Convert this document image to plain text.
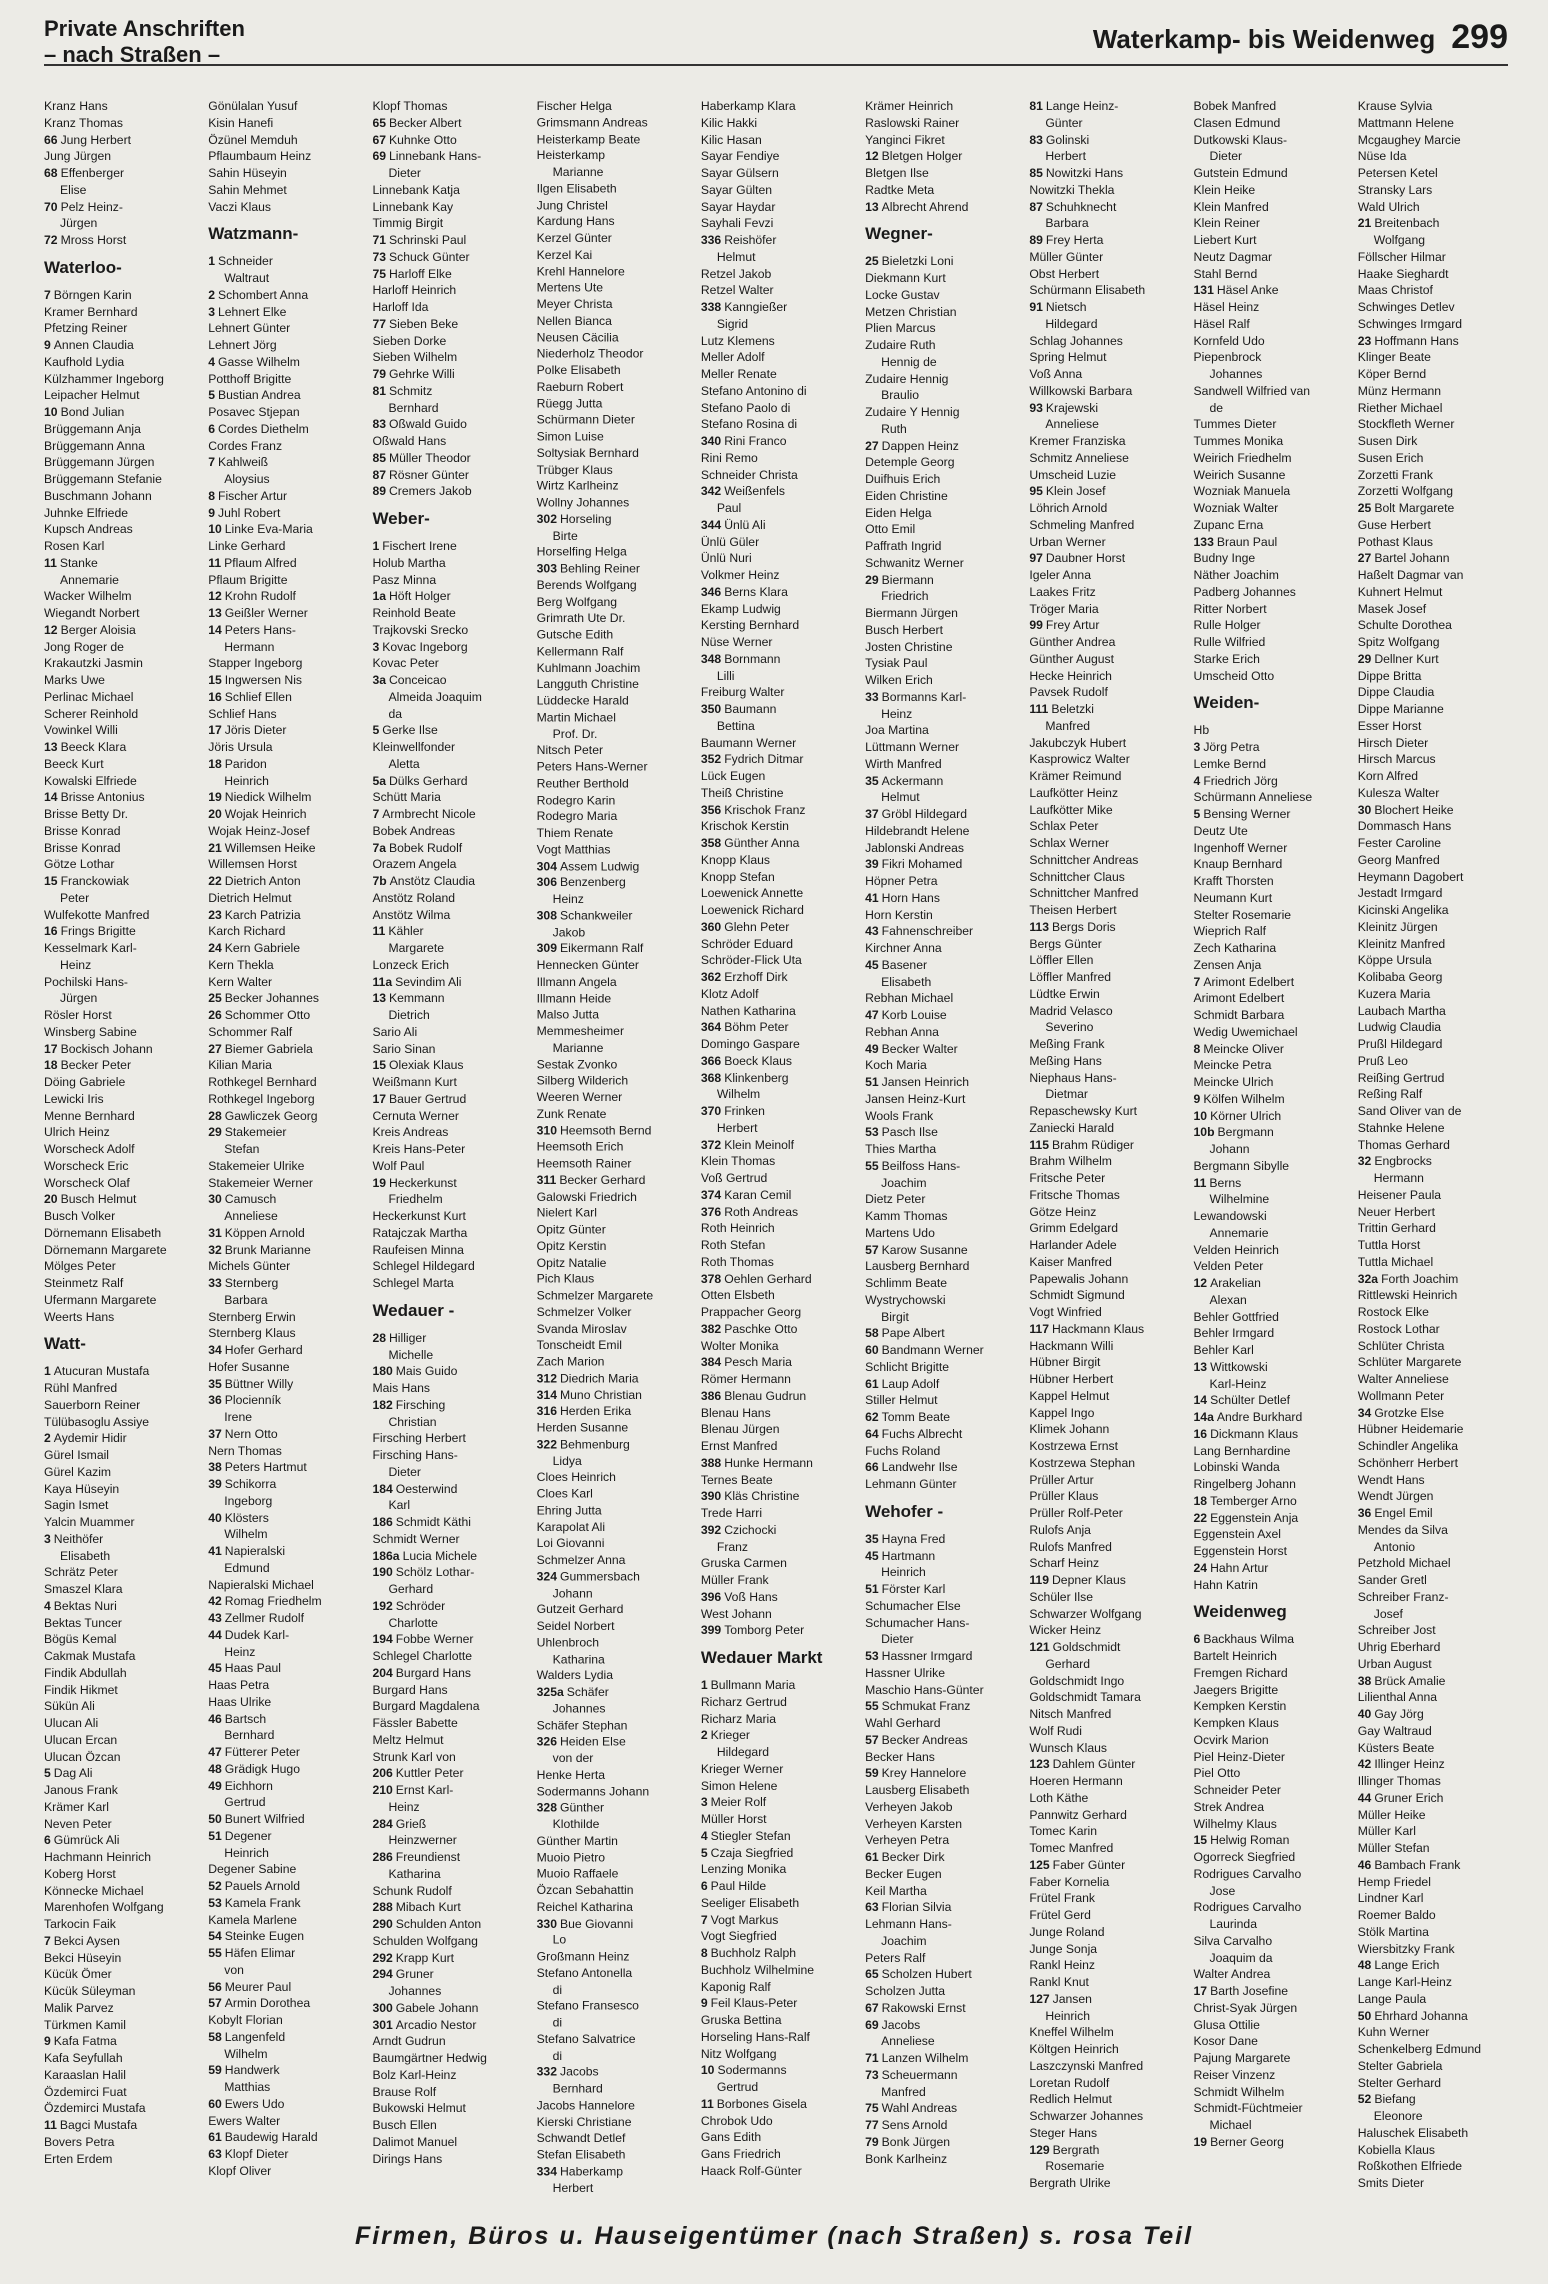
Private Anschriften
– nach Straßen –
Waterkamp- bis Weidenweg 299
Kranz Hans
Kranz Thomas
66 Jung Herbert
Jung Jürgen
68 Effenberger
Elise
70 Pelz Heinz-
Jürgen
72 Mross Horst
Waterloo-
7 Börngen Karin
Kramer Bernhard
Pfetzing Reiner
9 Annen Claudia
Kaufhold Lydia
Külzhammer Ingeborg
Leipacher Helmut
10 Bond Julian
Brüggemann Anja
Brüggemann Anna
Brüggemann Jürgen
Brüggemann Stefanie
Buschmann Johann
Juhnke Elfriede
Kupsch Andreas
Rosen Karl
11 Stanke
Annemarie
Wacker Wilhelm
Wiegandt Norbert
12 Berger Aloisia
Jong Roger de
Krakautzki Jasmin
Marks Uwe
Perlinac Michael
Scherer Reinhold
Vowinkel Willi
13 Beeck Klara
Beeck Kurt
Kowalski Elfriede
14 Brisse Antonius
Brisse Betty Dr.
Brisse Konrad
Brisse Konrad
Götze Lothar
15 Franckowiak
Peter
Wulfekotte Manfred
16 Frings Brigitte
Kesselmark Karl-
Heinz
Pochilski Hans-
Jürgen
Rösler Horst
Winsberg Sabine
17 Bockisch Johann
18 Becker Peter
Döing Gabriele
Lewicki Iris
Menne Bernhard
Ulrich Heinz
Worscheck Adolf
Worscheck Eric
Worscheck Olaf
20 Busch Helmut
Busch Volker
Dörnemann Elisabeth
Dörnemann Margarete
Mölges Peter
Steinmetz Ralf
Ufermann Margarete
Weerts Hans
Watt-
1 Atucuran Mustafa
Rühl Manfred
Sauerborn Reiner
Tülübasoglu Assiye
2 Aydemir Hidir
Gürel Ismail
Gürel Kazim
Kaya Hüseyin
Sagin Ismet
Yalcin Muammer
3 Neithöfer
Elisabeth
Schrätz Peter
Smaszel Klara
4 Bektas Nuri
Bektas Tuncer
Bögüs Kemal
Cakmak Mustafa
Findik Abdullah
Findik Hikmet
Sükün Ali
Ulucan Ali
Ulucan Ercan
Ulucan Özcan
5 Dag Ali
Janous Frank
Krämer Karl
Neven Peter
6 Gümrück Ali
Hachmann Heinrich
Koberg Horst
Könnecke Michael
Marenhofen Wolfgang
Tarkocin Faik
7 Bekci Aysen
Bekci Hüseyin
Kücük Ömer
Kücük Süleyman
Malik Parvez
Türkmen Kamil
9 Kafa Fatma
Kafa Seyfullah
Karaaslan Halil
Özdemirci Fuat
Özdemirci Mustafa
11 Bagci Mustafa
Bovers Petra
Erten Erdem
Gönülalan Yusuf
Kisin Hanefi
Özünel Memduh
Pflaumbaum Heinz
Sahin Hüseyin
Sahin Mehmet
Vaczi Klaus
Watzmann-
1 Schneider
Waltraut
2 Schombert Anna
3 Lehnert Elke
Lehnert Günter
Lehnert Jörg
4 Gasse Wilhelm
Potthoff Brigitte
5 Bustian Andrea
Posavec Stjepan
6 Cordes Diethelm
Cordes Franz
7 Kahlweiß
Aloysius
8 Fischer Artur
9 Juhl Robert
10 Linke Eva-Maria
Linke Gerhard
11 Pflaum Alfred
Pflaum Brigitte
12 Krohn Rudolf
13 Geißler Werner
14 Peters Hans-
Hermann
Stapper Ingeborg
15 Ingwersen Nis
16 Schlief Ellen
Schlief Hans
17 Jöris Dieter
Jöris Ursula
18 Paridon
Heinrich
19 Niedick Wilhelm
20 Wojak Heinrich
Wojak Heinz-Josef
21 Willemsen Heike
Willemsen Horst
22 Dietrich Anton
Dietrich Helmut
23 Karch Patrizia
Karch Richard
24 Kern Gabriele
Kern Thekla
Kern Walter
25 Becker Johannes
26 Schommer Otto
Schommer Ralf
27 Biemer Gabriela
Kilian Maria
Rothkegel Bernhard
Rothkegel Ingeborg
28 Gawliczek Georg
29 Stakemeier
Stefan
Stakemeier Ulrike
Stakemeier Werner
30 Camusch
Anneliese
31 Köppen Arnold
32 Brunk Marianne
Michels Günter
33 Sternberg
Barbara
Sternberg Erwin
Sternberg Klaus
34 Hofer Gerhard
Hofer Susanne
35 Büttner Willy
36 Plocienník
Irene
37 Nern Otto
Nern Thomas
38 Peters Hartmut
39 Schikorra
Ingeborg
40 Klösters
Wilhelm
41 Napieralski
Edmund
Napieralski Michael
42 Romag Friedhelm
43 Zellmer Rudolf
44 Dudek Karl-
Heinz
45 Haas Paul
Haas Petra
Haas Ulrike
46 Bartsch
Bernhard
47 Fütterer Peter
48 Grädigk Hugo
49 Eichhorn
Gertrud
50 Bunert Wilfried
51 Degener
Heinrich
Degener Sabine
52 Pauels Arnold
53 Kamela Frank
Kamela Marlene
54 Steinke Eugen
55 Häfen Elimar
von
56 Meurer Paul
57 Armin Dorothea
Kobylt Florian
58 Langenfeld
Wilhelm
59 Handwerk
Matthias
60 Ewers Udo
Ewers Walter
61 Baudewig Harald
63 Klopf Dieter
Klopf Oliver
Klopf Thomas
65 Becker Albert
67 Kuhnke Otto
69 Linnebank Hans-
Dieter
Linnebank Katja
Linnebank Kay
Timmig Birgit
71 Schrinski Paul
73 Schuck Günter
75 Harloff Elke
Harloff Heinrich
Harloff Ida
77 Sieben Beke
Sieben Dorke
Sieben Wilhelm
79 Gehrke Willi
81 Schmitz
Bernhard
83 Oßwald Guido
Oßwald Hans
85 Müller Theodor
87 Rösner Günter
89 Cremers Jakob
Weber-
1 Fischert Irene
Holub Martha
Pasz Minna
1a Höft Holger
Reinhold Beate
Trajkovski Srecko
3 Kovac Ingeborg
Kovac Peter
3a Conceicao
Almeida Joaquim
da
5 Gerke Ilse
Kleinwellfonder
Aletta
5a Dülks Gerhard
Schütt Maria
7 Armbrecht Nicole
Bobek Andreas
7a Bobek Rudolf
Orazem Angela
7b Anstötz Claudia
Anstötz Roland
Anstötz Wilma
11 Kähler
Margarete
Lonzeck Erich
11a Sevindim Ali
13 Kemmann
Dietrich
Sario Ali
Sario Sinan
15 Olexiak Klaus
Weißmann Kurt
17 Bauer Gertrud
Cernuta Werner
Kreis Andreas
Kreis Hans-Peter
Wolf Paul
19 Heckerkunst
Friedhelm
Heckerkunst Kurt
Ratajczak Martha
Raufeisen Minna
Schlegel Hildegard
Schlegel Marta
Wedauer -
28 Hilliger
Michelle
180 Mais Guido
Mais Hans
182 Firsching
Christian
Firsching Herbert
Firsching Hans-
Dieter
184 Oesterwind
Karl
186 Schmidt Käthi
Schmidt Werner
186a Lucia Michele
190 Schölz Lothar-
Gerhard
192 Schröder
Charlotte
194 Fobbe Werner
Schlegel Charlotte
204 Burgard Hans
Burgard Hans
Burgard Magdalena
Fässler Babette
Meltz Helmut
Strunk Karl von
206 Kuttler Peter
210 Ernst Karl-
Heinz
284 Grieß
Heinzwerner
286 Freundienst
Katharina
Schunk Rudolf
288 Mibach Kurt
290 Schulden Anton
Schulden Wolfgang
292 Krapp Kurt
294 Gruner
Johannes
300 Gabele Johann
301 Arcadio Nestor
Arndt Gudrun
Baumgärtner Hedwig
Bolz Karl-Heinz
Brause Rolf
Bukowski Helmut
Busch Ellen
Dalimot Manuel
Dirings Hans
Fischer Helga
Grimsmann Andreas
Heisterkamp Beate
Heisterkamp
Marianne
Ilgen Elisabeth
Jung Christel
Kardung Hans
Kerzel Günter
Kerzel Kai
Krehl Hannelore
Mertens Ute
Meyer Christa
Nellen Bianca
Neusen Cäcilia
Niederholz Theodor
Polke Elisabeth
Raeburn Robert
Rüegg Jutta
Schürmann Dieter
Simon Luise
Soltysiak Bernhard
Trübger Klaus
Wirtz Karlheinz
Wollny Johannes
302 Horseling
Birte
Horselfing Helga
303 Behling Reiner
Berends Wolfgang
Berg Wolfgang
Grimrath Ute Dr.
Gutsche Edith
Kellermann Ralf
Kuhlmann Joachim
Langguth Christine
Lüddecke Harald
Martin Michael
Prof. Dr.
Nitsch Peter
Peters Hans-Werner
Reuther Berthold
Rodegro Karin
Rodegro Maria
Thiem Renate
Vogt Matthias
304 Assem Ludwig
306 Benzenberg
Heinz
308 Schankweiler
Jakob
309 Eikermann Ralf
Hennecken Günter
Illmann Angela
Illmann Heide
Malso Jutta
Memmesheimer
Marianne
Sestak Zvonko
Silberg Wilderich
Weeren Werner
Zunk Renate
310 Heemsoth Bernd
Heemsoth Erich
Heemsoth Rainer
311 Becker Gerhard
Galowski Friedrich
Nielert Karl
Opitz Günter
Opitz Kerstin
Opitz Natalie
Pich Klaus
Schmelzer Margarete
Schmelzer Volker
Svanda Miroslav
Tonscheidt Emil
Zach Marion
312 Diedrich Maria
314 Muno Christian
316 Herden Erika
Herden Susanne
322 Behmenburg
Lidya
Cloes Heinrich
Cloes Karl
Ehring Jutta
Karapolat Ali
Loi Giovanni
Schmelzer Anna
324 Gummersbach
Johann
Gutzeit Gerhard
Seidel Norbert
Uhlenbroch
Katharina
Walders Lydia
325a Schäfer
Johannes
Schäfer Stephan
326 Heiden Else
von der
Henke Herta
Sodermanns Johann
328 Günther
Klothilde
Günther Martin
Muoio Pietro
Muoio Raffaele
Özcan Sebahattin
Reichel Katharina
330 Bue Giovanni
Lo
Großmann Heinz
Stefano Antonella
di
Stefano Fransesco
di
Stefano Salvatrice
di
332 Jacobs
Bernhard
Jacobs Hannelore
Kierski Christiane
Schwandt Detlef
Stefan Elisabeth
334 Haberkamp
Herbert
Haberkamp Klara
Kilic Hakki
Kilic Hasan
Sayar Fendiye
Sayar Gülsern
Sayar Gülten
Sayar Haydar
Sayhali Fevzi
336 Reishöfer
Helmut
Retzel Jakob
Retzel Walter
338 Kanngießer
Sigrid
Lutz Klemens
Meller Adolf
Meller Renate
Stefano Antonino di
Stefano Paolo di
Stefano Rosina di
340 Rini Franco
Rini Remo
Schneider Christa
342 Weißenfels
Paul
344 Ünlü Ali
Ünlü Güler
Ünlü Nuri
Volkmer Heinz
346 Berns Klara
Ekamp Ludwig
Kersting Bernhard
Nüse Werner
348 Bornmann
Lilli
Freiburg Walter
350 Baumann
Bettina
Baumann Werner
352 Fydrich Ditmar
Lück Eugen
Theiß Christine
356 Krischok Franz
Krischok Kerstin
358 Günther Anna
Knopp Klaus
Knopp Stefan
Loewenick Annette
Loewenick Richard
360 Glehn Peter
Schröder Eduard
Schröder-Flick Uta
362 Erzhoff Dirk
Klotz Adolf
Nathen Katharina
364 Böhm Peter
Domingo Gaspare
366 Boeck Klaus
368 Klinkenberg
Wilhelm
370 Frinken
Herbert
372 Klein Meinolf
Klein Thomas
Voß Gertrud
374 Karan Cemil
376 Roth Andreas
Roth Heinrich
Roth Stefan
Roth Thomas
378 Oehlen Gerhard
Otten Elsbeth
Prappacher Georg
382 Paschke Otto
Wolter Monika
384 Pesch Maria
Römer Hermann
386 Blenau Gudrun
Blenau Hans
Blenau Jürgen
Ernst Manfred
388 Hunke Hermann
Ternes Beate
390 Kläs Christine
Trede Harri
392 Czichocki
Franz
Gruska Carmen
Müller Frank
396 Voß Hans
West Johann
399 Tomborg Peter
Wedauer Markt
1 Bullmann Maria
Richarz Gertrud
Richarz Maria
2 Krieger
Hildegard
Krieger Werner
Simon Helene
3 Meier Rolf
Müller Horst
4 Stiegler Stefan
5 Czaja Siegfried
Lenzing Monika
6 Paul Hilde
Seeliger Elisabeth
7 Vogt Markus
Vogt Siegfried
8 Buchholz Ralph
Buchholz Wilhelmine
Kaponig Ralf
9 Feil Klaus-Peter
Gruska Bettina
Horseling Hans-Ralf
Nitz Wolfgang
10 Sodermanns
Gertrud
11 Borbones Gisela
Chrobok Udo
Gans Edith
Gans Friedrich
Haack Rolf-Günter
Krämer Heinrich
Raslowski Rainer
Yanginci Fikret
12 Bletgen Holger
Bletgen Ilse
Radtke Meta
13 Albrecht Ahrend
Wegner-
25 Bieletzki Loni
Diekmann Kurt
Locke Gustav
Metzen Christian
Plien Marcus
Zudaire Ruth
Hennig de
Zudaire Hennig
Braulio
Zudaire Y Hennig
Ruth
27 Dappen Heinz
Detemple Georg
Duifhuis Erich
Eiden Christine
Eiden Helga
Otto Emil
Paffrath Ingrid
Schwanitz Werner
29 Biermann
Friedrich
Biermann Jürgen
Busch Herbert
Josten Christine
Tysiak Paul
Wilken Erich
33 Bormanns Karl-
Heinz
Joa Martina
Lüttmann Werner
Wirth Manfred
35 Ackermann
Helmut
37 Gröbl Hildegard
Hildebrandt Helene
Jablonski Andreas
39 Fikri Mohamed
Höpner Petra
41 Horn Hans
Horn Kerstin
43 Fahnenschreiber
Kirchner Anna
45 Basener
Elisabeth
Rebhan Michael
47 Korb Louise
Rebhan Anna
49 Becker Walter
Koch Maria
51 Jansen Heinrich
Jansen Heinz-Kurt
Wools Frank
53 Pasch Ilse
Thies Martha
55 Beilfoss Hans-
Joachim
Dietz Peter
Kamm Thomas
Martens Udo
57 Karow Susanne
Lausberg Bernhard
Schlimm Beate
Wystrychowski
Birgit
58 Pape Albert
60 Bandmann Werner
Schlicht Brigitte
61 Laup Adolf
Stiller Helmut
62 Tomm Beate
64 Fuchs Albrecht
Fuchs Roland
66 Landwehr Ilse
Lehmann Günter
Wehofer -
35 Hayna Fred
45 Hartmann
Heinrich
51 Förster Karl
Schumacher Else
Schumacher Hans-
Dieter
53 Hassner Irmgard
Hassner Ulrike
Maschio Hans-Günter
55 Schmukat Franz
Wahl Gerhard
57 Becker Andreas
Becker Hans
59 Krey Hannelore
Lausberg Elisabeth
Verheyen Jakob
Verheyen Karsten
Verheyen Petra
61 Becker Dirk
Becker Eugen
Keil Martha
63 Florian Silvia
Lehmann Hans-
Joachim
Peters Ralf
65 Scholzen Hubert
Scholzen Jutta
67 Rakowski Ernst
69 Jacobs
Anneliese
71 Lanzen Wilhelm
73 Scheuermann
Manfred
75 Wahl Andreas
77 Sens Arnold
79 Bonk Jürgen
Bonk Karlheinz
81 Lange Heinz-
Günter
83 Golinski
Herbert
85 Nowitzki Hans
Nowitzki Thekla
87 Schuhknecht
Barbara
89 Frey Herta
Müller Günter
Obst Herbert
Schürmann Elisabeth
91 Nietsch
Hildegard
Schlag Johannes
Spring Helmut
Voß Anna
Willkowski Barbara
93 Krajewski
Anneliese
Kremer Franziska
Schmitz Anneliese
Umscheid Luzie
95 Klein Josef
Löhrich Arnold
Schmeling Manfred
Urban Werner
97 Daubner Horst
Igeler Anna
Laakes Fritz
Tröger Maria
99 Frey Artur
Günther Andrea
Günther August
Hecke Heinrich
Pavsek Rudolf
111 Beletzki
Manfred
Jakubczyk Hubert
Kasprowicz Walter
Krämer Reimund
Laufkötter Heinz
Laufkötter Mike
Schlax Peter
Schlax Werner
Schnittcher Andreas
Schnittcher Claus
Schnittcher Manfred
Theisen Herbert
113 Bergs Doris
Bergs Günter
Löffler Ellen
Löffler Manfred
Lüdtke Erwin
Madrid Velasco
Severino
Meßing Frank
Meßing Hans
Niephaus Hans-
Dietmar
Repaschewsky Kurt
Zaniecki Harald
115 Brahm Rüdiger
Brahm Wilhelm
Fritsche Peter
Fritsche Thomas
Götze Heinz
Grimm Edelgard
Harlander Adele
Kaiser Manfred
Papewalis Johann
Schmidt Sigmund
Vogt Winfried
117 Hackmann Klaus
Hackmann Willi
Hübner Birgit
Hübner Herbert
Kappel Helmut
Kappel Ingo
Klimek Johann
Kostrzewa Ernst
Kostrzewa Stephan
Prüller Artur
Prüller Klaus
Prüller Rolf-Peter
Rulofs Anja
Rulofs Manfred
Scharf Heinz
119 Depner Klaus
Schüler Ilse
Schwarzer Wolfgang
Wicker Heinz
121 Goldschmidt
Gerhard
Goldschmidt Ingo
Goldschmidt Tamara
Nitsch Manfred
Wolf Rudi
Wunsch Klaus
123 Dahlem Günter
Hoeren Hermann
Loth Käthe
Pannwitz Gerhard
Tomec Karin
Tomec Manfred
125 Faber Günter
Faber Kornelia
Frütel Frank
Frütel Gerd
Junge Roland
Junge Sonja
Rankl Heinz
Rankl Knut
127 Jansen
Heinrich
Kneffel Wilhelm
Költgen Heinrich
Laszczynski Manfred
Loretan Rudolf
Redlich Helmut
Schwarzer Johannes
Steger Hans
129 Bergrath
Rosemarie
Bergrath Ulrike
Bobek Manfred
Clasen Edmund
Dutkowski Klaus-
Dieter
Gutstein Edmund
Klein Heike
Klein Manfred
Klein Reiner
Liebert Kurt
Neutz Dagmar
Stahl Bernd
131 Häsel Anke
Häsel Heinz
Häsel Ralf
Kornfeld Udo
Piepenbrock
Johannes
Sandwell Wilfried van
de
Tummes Dieter
Tummes Monika
Weirich Friedhelm
Weirich Susanne
Wozniak Manuela
Wozniak Walter
Zupanc Erna
133 Braun Paul
Budny Inge
Näther Joachim
Padberg Johannes
Ritter Norbert
Rulle Holger
Rulle Wilfried
Starke Erich
Umscheid Otto
Weiden-
Hb
3 Jörg Petra
Lemke Bernd
4 Friedrich Jörg
Schürmann Anneliese
5 Bensing Werner
Deutz Ute
Ingenhoff Werner
Knaup Bernhard
Krafft Thorsten
Neumann Kurt
Stelter Rosemarie
Wieprich Ralf
Zech Katharina
Zensen Anja
7 Arimont Edelbert
Arimont Edelbert
Schmidt Barbara
Wedig Uwemichael
8 Meincke Oliver
Meincke Petra
Meincke Ulrich
9 Kölfen Wilhelm
10 Körner Ulrich
10b Bergmann
Johann
Bergmann Sibylle
11 Berns
Wilhelmine
Lewandowski
Annemarie
Velden Heinrich
Velden Peter
12 Arakelian
Alexan
Behler Gottfried
Behler Irmgard
Behler Karl
13 Wittkowski
Karl-Heinz
14 Schülter Detlef
14a Andre Burkhard
16 Dickmann Klaus
Lang Bernhardine
Lobinski Wanda
Ringelberg Johann
18 Temberger Arno
22 Eggenstein Anja
Eggenstein Axel
Eggenstein Horst
24 Hahn Artur
Hahn Katrin
Weidenweg
6 Backhaus Wilma
Bartelt Heinrich
Fremgen Richard
Jaegers Brigitte
Kempken Kerstin
Kempken Klaus
Ocvirk Marion
Piel Heinz-Dieter
Piel Otto
Schneider Peter
Strek Andrea
Wilhelmy Klaus
15 Helwig Roman
Ogorreck Siegfried
Rodrigues Carvalho
Jose
Rodrigues Carvalho
Laurinda
Silva Carvalho
Joaquim da
Walter Andrea
17 Barth Josefine
Christ-Syak Jürgen
Glusa Ottilie
Kosor Dane
Pajung Margarete
Reiser Vinzenz
Schmidt Wilhelm
Schmidt-Füchtmeier
Michael
19 Berner Georg
Krause Sylvia
Mattmann Helene
Mcgaughey Marcie
Nüse Ida
Petersen Ketel
Stransky Lars
Wald Ulrich
21 Breitenbach
Wolfgang
Föllscher Hilmar
Haake Sieghardt
Maas Christof
Schwinges Detlev
Schwinges Irmgard
23 Hoffmann Hans
Klinger Beate
Köper Bernd
Münz Hermann
Riether Michael
Stockfleth Werner
Susen Dirk
Susen Erich
Zorzetti Frank
Zorzetti Wolfgang
25 Bolt Margarete
Guse Herbert
Pothast Klaus
27 Bartel Johann
Haßelt Dagmar van
Kuhnert Helmut
Masek Josef
Schulte Dorothea
Spitz Wolfgang
29 Dellner Kurt
Dippe Britta
Dippe Claudia
Dippe Marianne
Esser Horst
Hirsch Dieter
Hirsch Marcus
Korn Alfred
Kulesza Walter
30 Blochert Heike
Dommasch Hans
Fester Caroline
Georg Manfred
Heymann Dagobert
Jestadt Irmgard
Kicinski Angelika
Kleinitz Jürgen
Kleinitz Manfred
Köppe Ursula
Kolibaba Georg
Kuzera Maria
Laubach Martha
Ludwig Claudia
Prußl Hildegard
Pruß Leo
Reißing Gertrud
Reßing Ralf
Sand Oliver van de
Stahnke Helene
Thomas Gerhard
32 Engbrocks
Hermann
Heisener Paula
Neuer Herbert
Trittin Gerhard
Tuttla Horst
Tuttla Michael
32a Forth Joachim
Rittlewski Heinrich
Rostock Elke
Rostock Lothar
Schlüter Christa
Schlüter Margarete
Walter Anneliese
Wollmann Peter
34 Grotzke Else
Hübner Heidemarie
Schindler Angelika
Schönherr Herbert
Wendt Hans
Wendt Jürgen
36 Engel Emil
Mendes da Silva
Antonio
Petzhold Michael
Sander Gretl
Schreiber Franz-
Josef
Schreiber Jost
Uhrig Eberhard
Urban August
38 Brück Amalie
Lilienthal Anna
40 Gay Jörg
Gay Waltraud
Küsters Beate
42 Illinger Heinz
Illinger Thomas
44 Gruner Erich
Müller Heike
Müller Karl
Müller Stefan
46 Bambach Frank
Hemp Friedel
Lindner Karl
Roemer Baldo
Stölk Martina
Wiersbitzky Frank
48 Lange Erich
Lange Karl-Heinz
Lange Paula
50 Ehrhard Johanna
Kuhn Werner
Schenkelberg Edmund
Stelter Gabriela
Stelter Gerhard
52 Biefang
Eleonore
Haluschek Elisabeth
Kobiella Klaus
Roßkothen Elfriede
Smits Dieter
Firmen, Büros u. Hauseigentümer (nach Straßen) s. rosa Teil
